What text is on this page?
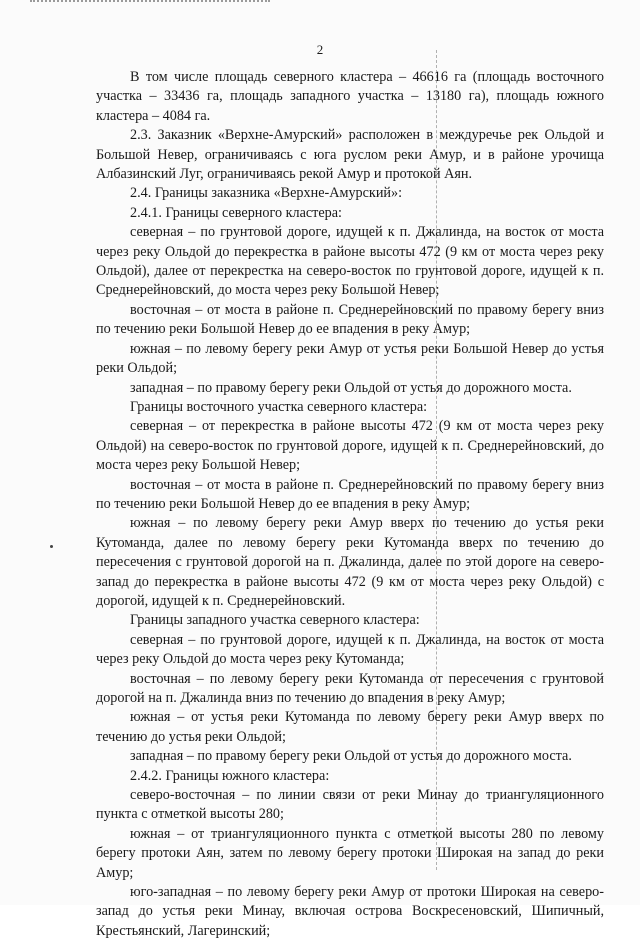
2

В том числе площадь северного кластера – 46616 га (площадь восточного участка – 33436 га, площадь западного участка – 13180 га), площадь южного кластера – 4084 га.

2.3. Заказник «Верхне-Амурский» расположен в междуречье рек Ольдой и Большой Невер, ограничиваясь с юга руслом реки Амур, и в районе урочища Албазинский Луг, ограничиваясь рекой Амур и протокой Аян.

2.4. Границы заказника «Верхне-Амурский»:

2.4.1. Границы северного кластера:

северная – по грунтовой дороге, идущей к п. Джалинда, на восток от моста через реку Ольдой до перекрестка в районе высоты 472 (9 км от моста через реку Ольдой), далее от перекрестка на северо-восток по грунтовой дороге, идущей к п. Среднерейновский, до моста через реку Большой Невер;

восточная – от моста в районе п. Среднерейновский по правому берегу вниз по течению реки Большой Невер до ее впадения в реку Амур;

южная – по левому берегу реки Амур от устья реки Большой Невер до устья реки Ольдой;

западная – по правому берегу реки Ольдой от устья до дорожного моста.

Границы восточного участка северного кластера:

северная – от перекрестка в районе высоты 472 (9 км от моста через реку Ольдой) на северо-восток по грунтовой дороге, идущей к п. Среднерейновский, до моста через реку Большой Невер;

восточная – от моста в районе п. Среднерейновский по правому берегу вниз по течению реки Большой Невер до ее впадения в реку Амур;

южная – по левому берегу реки Амур вверх по течению до устья реки Кутоманда, далее по левому берегу реки Кутоманда вверх по течению до пересечения с грунтовой дорогой на п. Джалинда, далее по этой дороге на северо-запад до перекрестка в районе высоты 472 (9 км от моста через реку Ольдой) с дорогой, идущей к п. Среднерейновский.

Границы западного участка северного кластера:

северная – по грунтовой дороге, идущей к п. Джалинда, на восток от моста через реку Ольдой до моста через реку Кутоманда;

восточная – по левому берегу реки Кутоманда от пересечения с грунтовой дорогой на п. Джалинда вниз по течению до впадения в реку Амур;

южная – от устья реки Кутоманда по левому берегу реки Амур вверх по течению до устья реки Ольдой;

западная – по правому берегу реки Ольдой от устья до дорожного моста.

2.4.2. Границы южного кластера:

северо-восточная – по линии связи от реки Минау до триангуляционного пункта с отметкой высоты 280;

южная – от триангуляционного пункта с отметкой высоты 280 по левому берегу протоки Аян, затем по левому берегу протоки Широкая на запад до реки Амур;

юго-западная – по левому берегу реки Амур от протоки Широкая на северо-запад до устья реки Минау, включая острова Воскресеновский, Шипичный, Крестьянский, Лагеринский;
